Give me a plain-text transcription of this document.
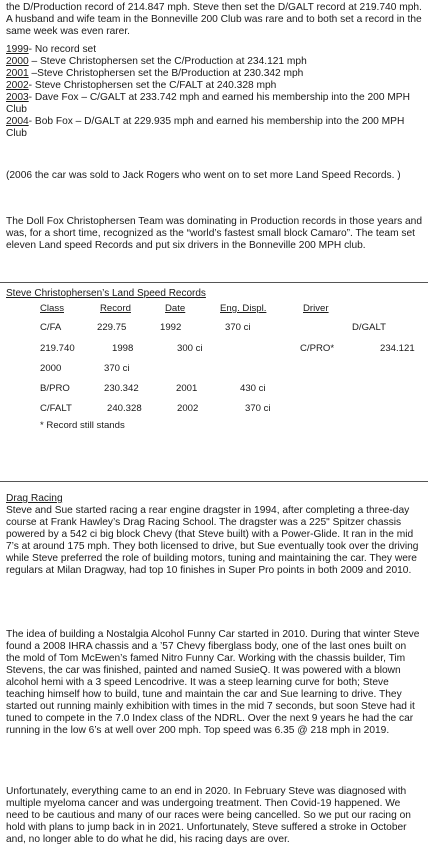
the D/Production record of 214.847 mph. Steve then set the D/GALT record at 219.740 mph. A husband and wife team in the Bonneville 200 Club was rare and to both set a record in the same week was even rarer.

1999- No record set

2000 – Steve Christophersen set the C/Production at 234.121 mph

2001 –Steve Christophersen set the B/Production at 230.342 mph

2002- Steve Christophersen set the C/FALT at 240.328 mph

2003- Dave Fox – C/GALT at 233.742 mph and earned his membership into the 200 MPH Club

2004- Bob Fox – D/GALT at 229.935 mph and earned his membership into the 200 MPH Club

(2006 the car was sold to Jack Rogers who went on to set more Land Speed Records. )

The Doll Fox Christophersen Team was dominating in Production records in those years and was, for a short time, recognized as the “world’s fastest small block Camaro”. The team set eleven Land speed Records and put six drivers in the Bonneville 200 MPH club.

Steve Christophersen’s Land Speed Records

Class	Record	Date	Eng. Displ.	Driver
C/FA	229.75	1992	370 ci	D/GALT
219.740	1998	300 ci	C/PRO*	234.121
2000	370 ci
B/PRO	230.342	2001	430 ci
C/FALT	240.328	2002	370 ci
* Record still stands

Drag Racing

Steve and Sue started racing a rear engine dragster in 1994, after completing a three-day course at Frank Hawley’s Drag Racing School. The dragster was a 225" Spitzer chassis powered by a 542 ci big block Chevy (that Steve built) with a Power-Glide. It ran in the mid 7’s at around 175 mph. They both licensed to drive, but Sue eventually took over the driving while Steve preferred the role of building motors, tuning and maintaining the car. They were regulars at Milan Dragway, had top 10 finishes in Super Pro points in both 2009 and 2010.

The idea of building a Nostalgia Alcohol Funny Car started in 2010. During that winter Steve found a 2008 IHRA chassis and a ’57 Chevy fiberglass body, one of the last ones built on the mold of Tom McEwen’s famed Nitro Funny Car. Working with the chassis builder, Tim Stevens, the car was finished, painted and named SusieQ. It was powered with a blown alcohol hemi with a 3 speed Lencodrive. It was a steep learning curve for both; Steve teaching himself how to build, tune and maintain the car and Sue learning to drive. They started out running mainly exhibition with times in the mid 7 seconds, but soon Steve had it tuned to compete in the 7.0 Index class of the NDRL. Over the next 9 years he had the car running in the low 6’s at well over 200 mph. Top speed was 6.35 @ 218 mph in 2019.

Unfortunately, everything came to an end in 2020. In February Steve was diagnosed with multiple myeloma cancer and was undergoing treatment. Then Covid-19 happened. We need to be cautious and many of our races were being cancelled. So we put our racing on hold with plans to jump back in in 2021. Unfortunately, Steve suffered a stroke in October and, no longer able to do what he did, his racing days are over.
